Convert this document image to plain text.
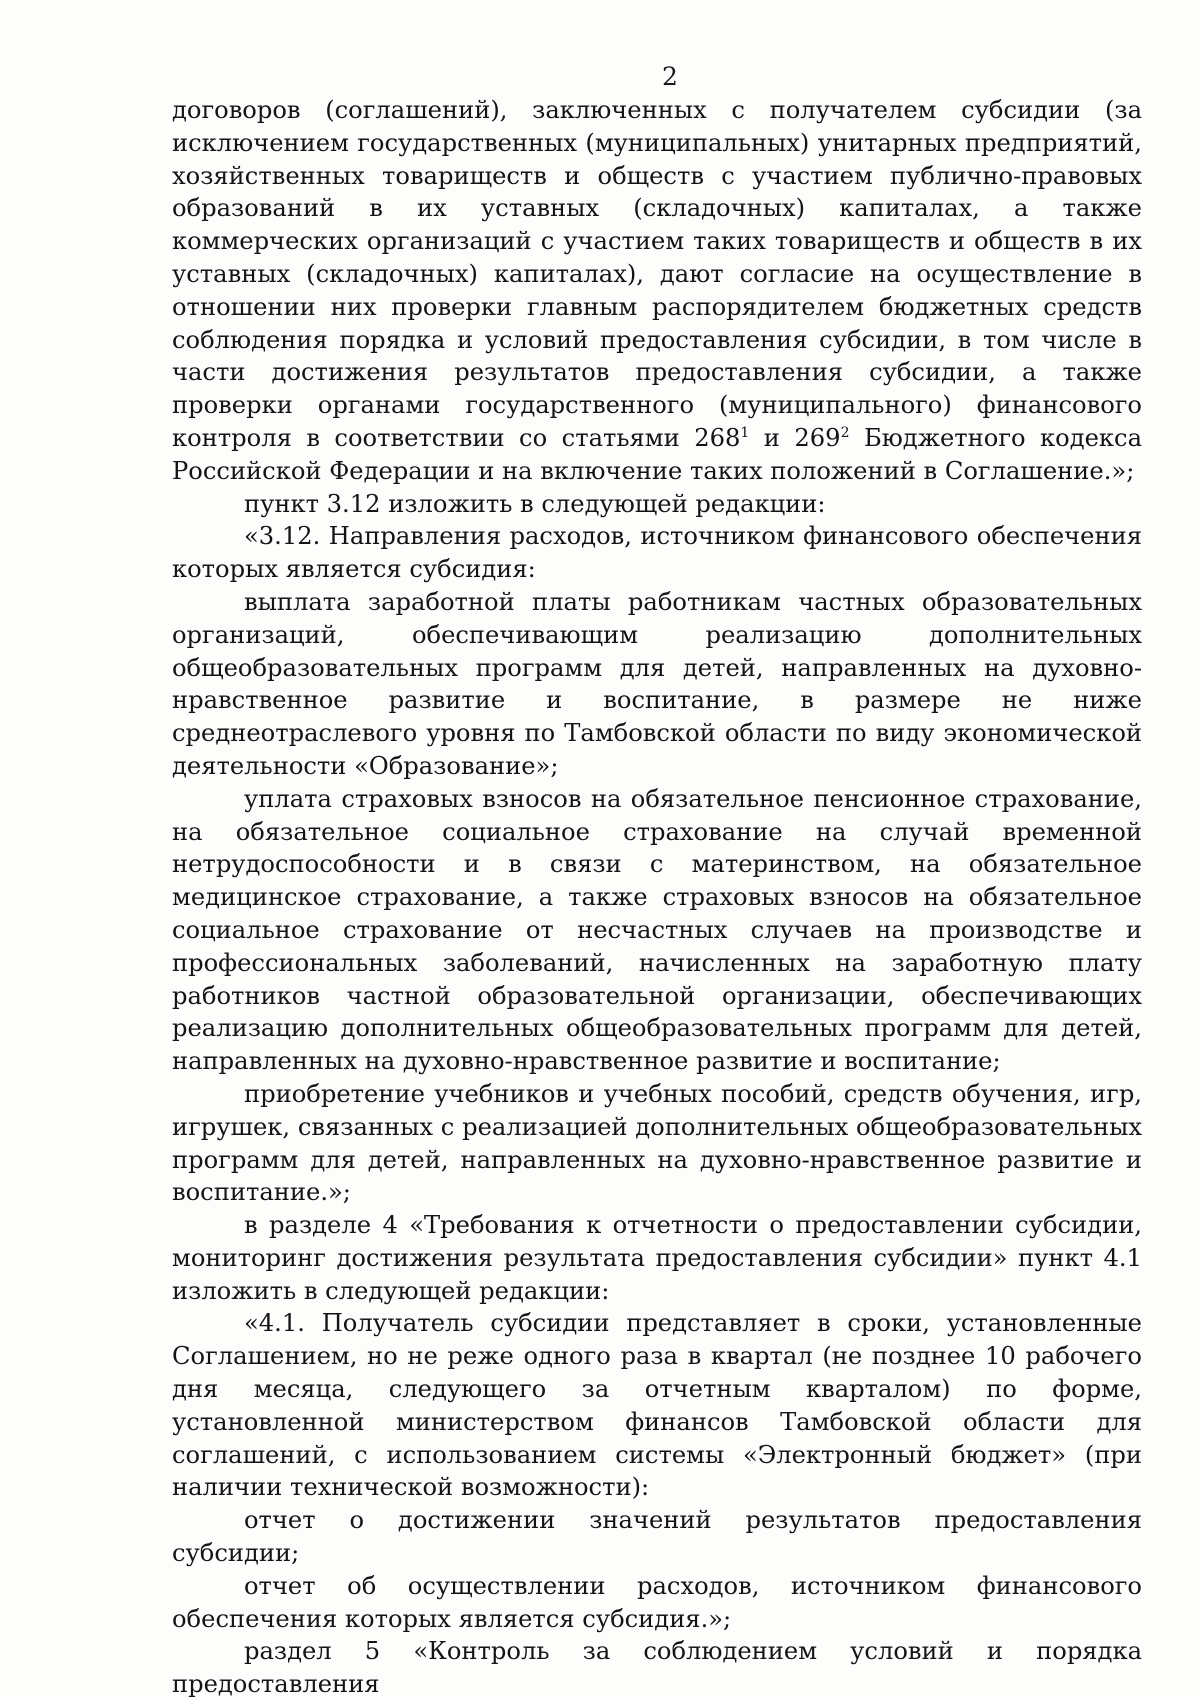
2

договоров (соглашений), заключенных с получателем субсидии (за исключением государственных (муниципальных) унитарных предприятий, хозяйственных товариществ и обществ с участием публично-правовых образований в их уставных (складочных) капиталах, а также коммерческих организаций с участием таких товариществ и обществ в их уставных (складочных) капиталах), дают согласие на осуществление в отношении них проверки главным распорядителем бюджетных средств соблюдения порядка и условий предоставления субсидии, в том числе в части достижения результатов предоставления субсидии, а также проверки органами государственного (муниципального) финансового контроля в соответствии со статьями $268^1$ и $269^2$ Бюджетного кодекса Российской Федерации и на включение таких положений в Соглашение.»;

пункт 3.12 изложить в следующей редакции:

«3.12. Направления расходов, источником финансового обеспечения которых является субсидия:

выплата заработной платы работникам частных образовательных организаций, обеспечивающим реализацию дополнительных общеобразовательных программ для детей, направленных на духовно-нравственное развитие и воспитание, в размере не ниже среднеотраслевого уровня по Тамбовской области по виду экономической деятельности «Образование»;

уплата страховых взносов на обязательное пенсионное страхование, на обязательное социальное страхование на случай временной нетрудоспособности и в связи с материнством, на обязательное медицинское страхование, а также страховых взносов на обязательное социальное страхование от несчастных случаев на производстве и профессиональных заболеваний, начисленных на заработную плату работников частной образовательной организации, обеспечивающих реализацию дополнительных общеобразовательных программ для детей, направленных на духовно-нравственное развитие и воспитание;

приобретение учебников и учебных пособий, средств обучения, игр, игрушек, связанных с реализацией дополнительных общеобразовательных программ для детей, направленных на духовно-нравственное развитие и воспитание.»;

в разделе 4 «Требования к отчетности о предоставлении субсидии, мониторинг достижения результата предоставления субсидии» пункт 4.1 изложить в следующей редакции:

«4.1. Получатель субсидии представляет в сроки, установленные Соглашением, но не реже одного раза в квартал (не позднее 10 рабочего дня месяца, следующего за отчетным кварталом) по форме, установленной министерством финансов Тамбовской области для соглашений, с использованием системы «Электронный бюджет» (при наличии технической возможности):

отчет о достижении значений результатов предоставления субсидии;

отчет об осуществлении расходов, источником финансового обеспечения которых является субсидия.»;

раздел 5 «Контроль за соблюдением условий и порядка предоставления
